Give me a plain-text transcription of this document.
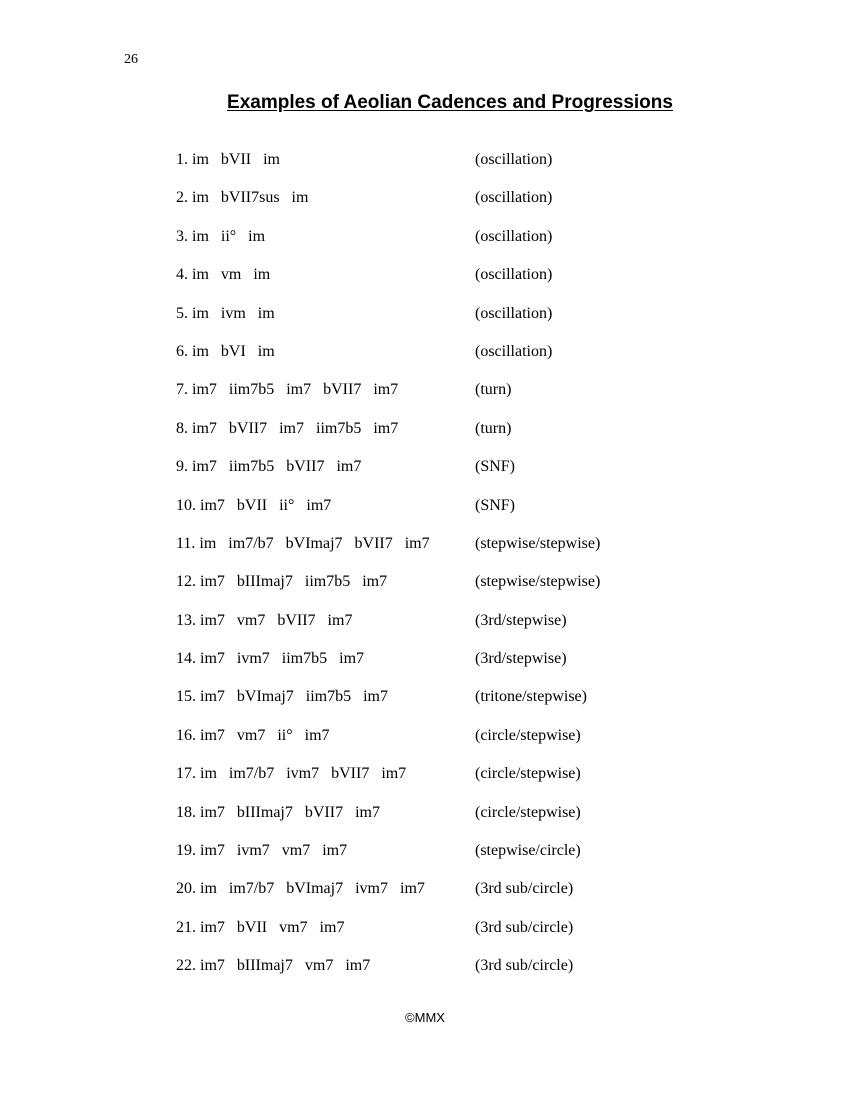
26
Examples of Aeolian Cadences and Progressions
1. im   bVII   im	(oscillation)
2. im   bVII7sus   im	(oscillation)
3. im   ii°   im	(oscillation)
4. im   vm   im	(oscillation)
5. im   ivm   im	(oscillation)
6. im   bVI   im	(oscillation)
7. im7   iim7b5   im7   bVII7   im7	(turn)
8. im7   bVII7   im7   iim7b5   im7	(turn)
9. im7   iim7b5   bVII7   im7	(SNF)
10. im7   bVII   ii°   im7	(SNF)
11. im   im7/b7   bVImaj7   bVII7   im7	(stepwise/stepwise)
12. im7   bIIImaj7   iim7b5   im7	(stepwise/stepwise)
13. im7   vm7   bVII7   im7	(3rd/stepwise)
14. im7   ivm7   iim7b5   im7	(3rd/stepwise)
15. im7   bVImaj7   iim7b5   im7	(tritone/stepwise)
16. im7   vm7   ii°   im7	(circle/stepwise)
17. im   im7/b7   ivm7   bVII7   im7	(circle/stepwise)
18. im7   bIIImaj7   bVII7   im7	(circle/stepwise)
19. im7   ivm7   vm7   im7	(stepwise/circle)
20. im   im7/b7   bVImaj7   ivm7   im7	(3rd sub/circle)
21. im7   bVII   vm7   im7	(3rd sub/circle)
22. im7   bIIImaj7   vm7   im7	(3rd sub/circle)
©MMX
